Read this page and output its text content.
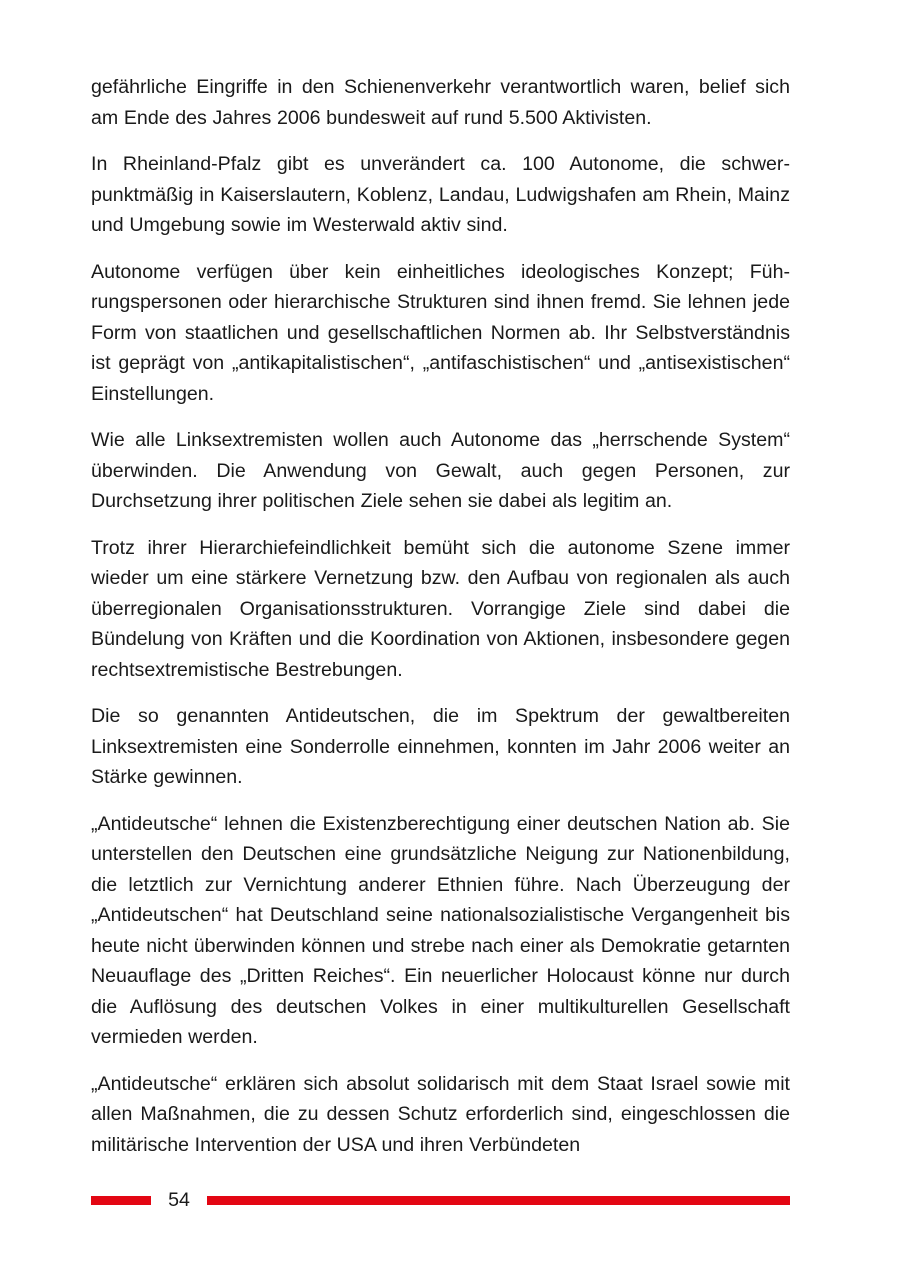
gefährliche Eingriffe in den Schienenverkehr verantwortlich waren, belief sich am Ende des Jahres 2006 bundesweit auf rund 5.500 Aktivisten.

In Rheinland-Pfalz gibt es unverändert ca. 100 Autonome, die schwerpunktmäßig in Kaiserslautern, Koblenz, Landau, Ludwigshafen am Rhein, Mainz und Umgebung sowie im Westerwald aktiv sind.

Autonome verfügen über kein einheitliches ideologisches Konzept; Führungspersonen oder hierarchische Strukturen sind ihnen fremd. Sie lehnen jede Form von staatlichen und gesellschaftlichen Normen ab. Ihr Selbstverständnis ist geprägt von „antikapitalistischen“, „antifaschistischen“ und „antisexistischen“ Einstellungen.

Wie alle Linksextremisten wollen auch Autonome das „herrschende System“ überwinden. Die Anwendung von Gewalt, auch gegen Personen, zur Durchsetzung ihrer politischen Ziele sehen sie dabei als legitim an.

Trotz ihrer Hierarchiefeindlichkeit bemüht sich die autonome Szene immer wieder um eine stärkere Vernetzung bzw. den Aufbau von regionalen als auch überregionalen Organisationsstrukturen. Vorrangige Ziele sind dabei die Bündelung von Kräften und die Koordination von Aktionen, insbesondere gegen rechtsextremistische Bestrebungen.

Die so genannten Antideutschen, die im Spektrum der gewaltbereiten Linksextremisten eine Sonderrolle einnehmen, konnten im Jahr 2006 weiter an Stärke gewinnen.

„Antideutsche“ lehnen die Existenzberechtigung einer deutschen Nation ab. Sie unterstellen den Deutschen eine grundsätzliche Neigung zur Nationenbildung, die letztlich zur Vernichtung anderer Ethnien führe. Nach Überzeugung der „Antideutschen“ hat Deutschland seine nationalsozialistische Vergangenheit bis heute nicht überwinden können und strebe nach einer als Demokratie getarnten Neuauflage des „Dritten Reiches“. Ein neuerlicher Holocaust könne nur durch die Auflösung des deutschen Volkes in einer multikulturellen Gesellschaft vermieden werden.

„Antideutsche“ erklären sich absolut solidarisch mit dem Staat Israel sowie mit allen Maßnahmen, die zu dessen Schutz erforderlich sind, eingeschlossen die militärische Intervention der USA und ihren Verbündeten

54
